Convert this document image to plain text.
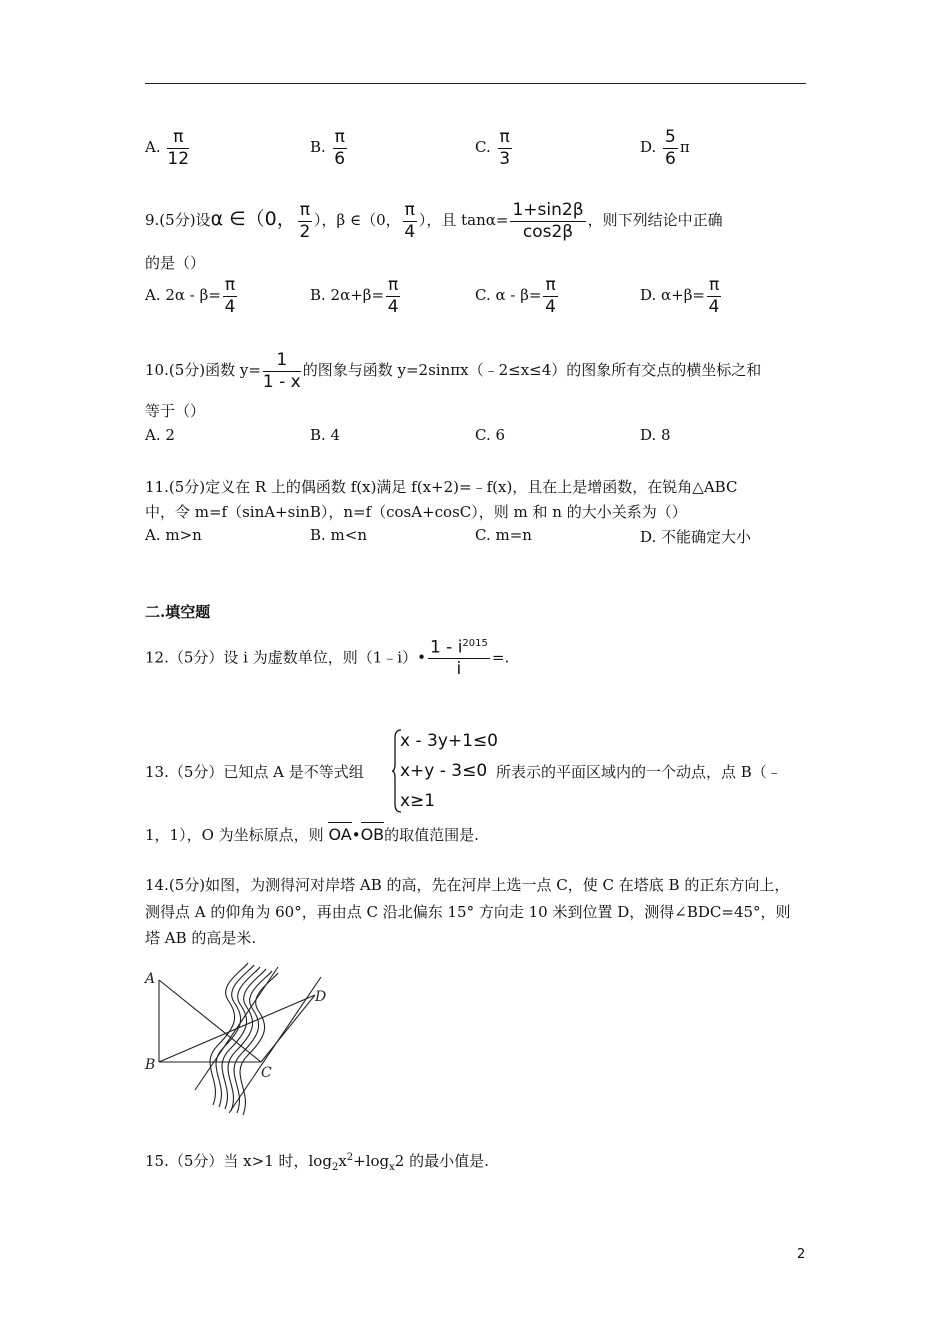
A. $\frac{\pi}{12}$	B. $\frac{\pi}{6}$	C. $\frac{\pi}{3}$	D. $\frac{5}{6}$ π
9.(5分)设α ∈（0， $\frac{\pi}{2}$ ），β ∈（0， $\frac{\pi}{4}$ ），且 $\tan\alpha= \frac{1+\sin 2\beta}{\cos 2\beta}$ ，则下列结论中正确
的是（）
A. $2\alpha - \beta= \frac{\pi}{4}$	B. $2\alpha+\beta= \frac{\pi}{4}$	C. $\alpha - \beta= \frac{\pi}{4}$	D. $\alpha+\beta= \frac{\pi}{4}$
10.(5分)函数 $y= \frac{1}{1 - x}$ 的图象与函数 y=2sinπx（﹣2≤x≤4）的图象所有交点的横坐标之和
等于（）
A. 2	B. 4	C. 6	D. 8
11.(5分)定义在 R 上的偶函数 f(x)满足 f(x+2)=﹣f(x)，且在上是增函数，在锐角△ABC
中，令 m=f（sinA+sinB），n=f（cosA+cosC），则 m 和 n 的大小关系为（）
A. m>n	B. m<n	C. m=n	D. 不能确定大小
二.填空题
12.（5分）设 i 为虚数单位，则（1﹣i）• $\frac{1 - i^{2015}}{i}$ =.
13.（5分）已知点 A 是不等式组
x - 3y+1≤0
x+y - 3≤0
x≥1
所表示的平面区域内的一个动点，点 B（﹣
1，1），O 为坐标原点，则 OA•OB的取值范围是.
14.(5分)如图，为测得河对岸塔 AB 的高，先在河岸上选一点 C，使 C 在塔底 B 的正东方向上，
测得点 A 的仰角为 60°，再由点 C 沿北偏东 15° 方向走 10 米到位置 D，测得∠BDC=45°，则
塔 AB 的高是米.
A
B	C
D
15.（5分）当 x>1 时，$\log_2x^2+\log_x2$ 的最小值是.
2
